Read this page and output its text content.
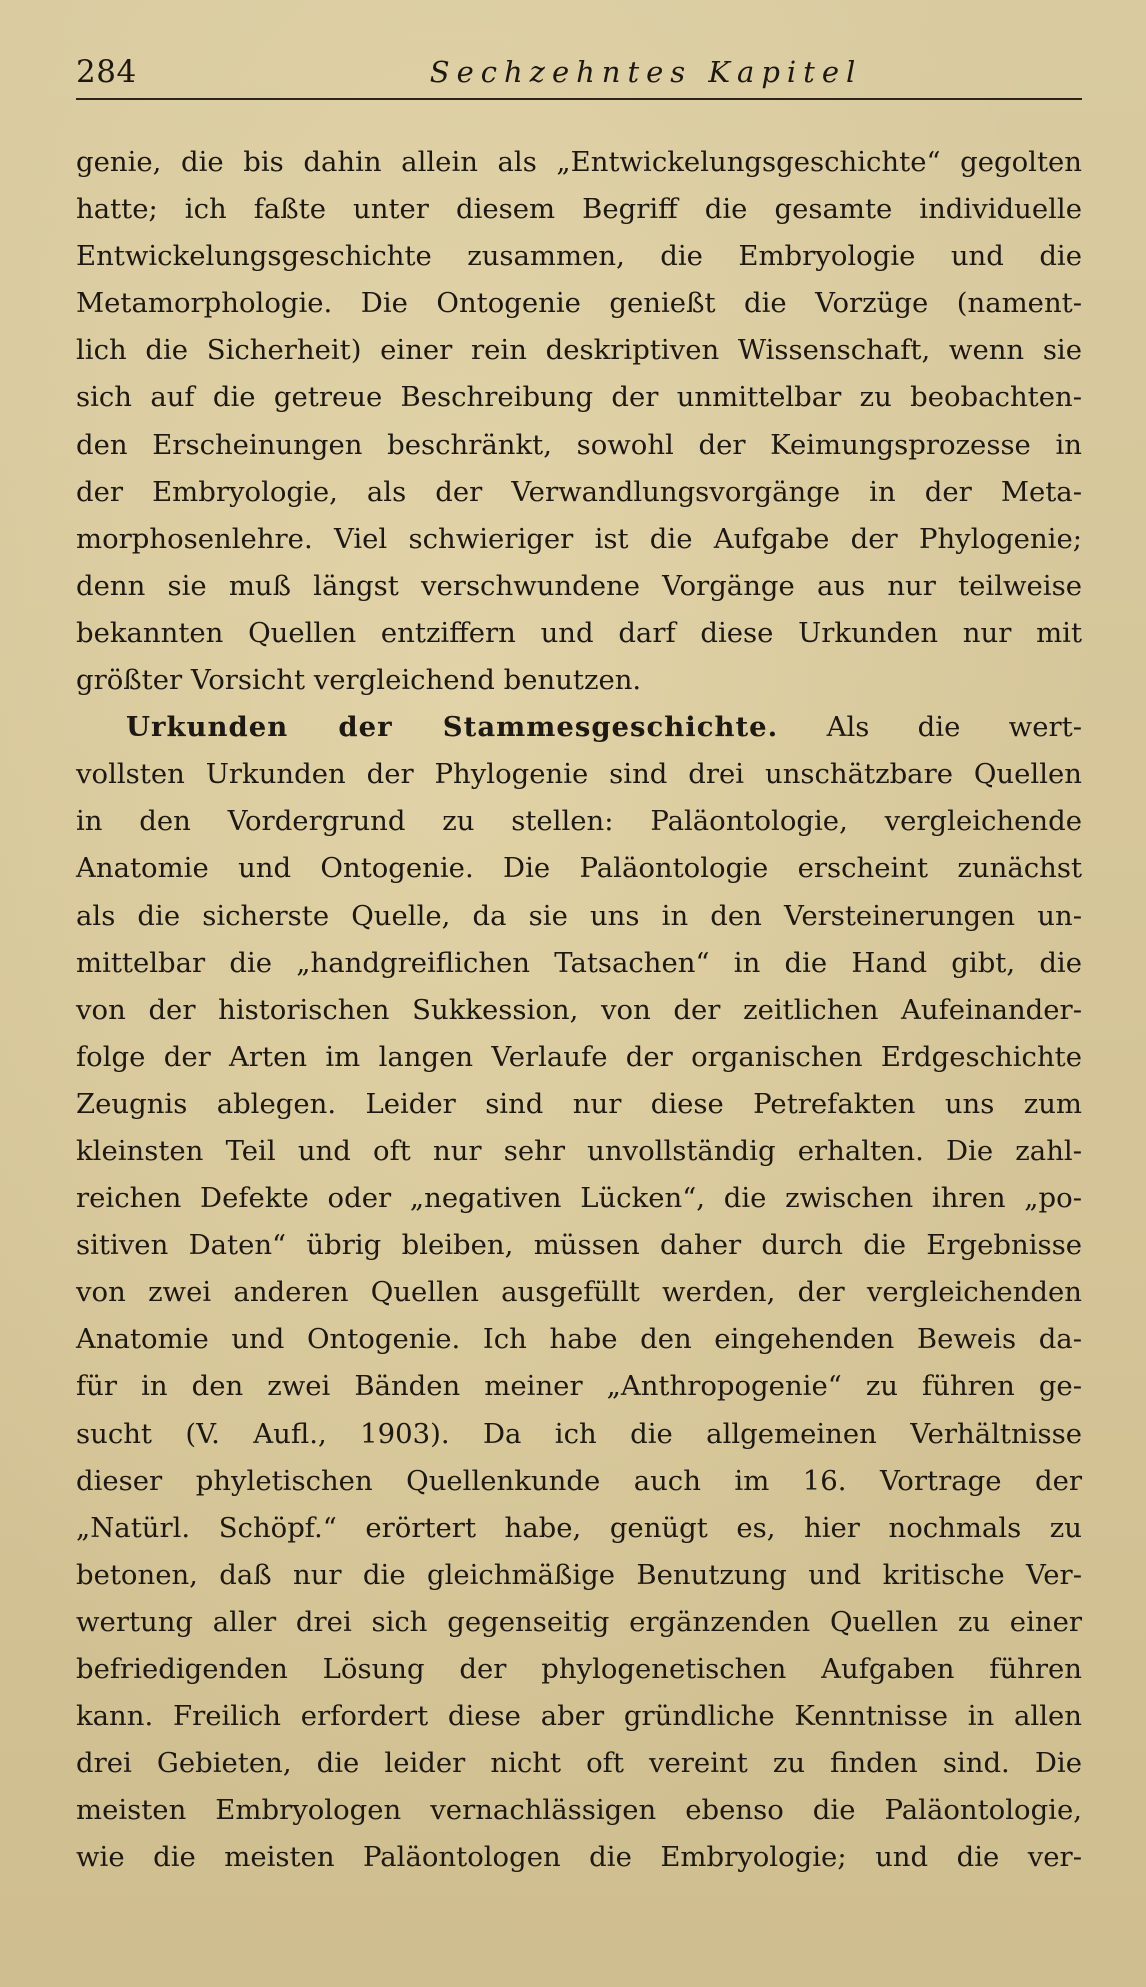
284	Sechzehntes Kapitel
genie, die bis dahin allein als „Entwickelungsgeschichte“ gegolten
hatte; ich faßte unter diesem Begriff die gesamte individuelle
Entwickelungsgeschichte zusammen, die Embryologie und die
Metamorphologie. Die Ontogenie genießt die Vorzüge (nament-
lich die Sicherheit) einer rein deskriptiven Wissenschaft, wenn sie
sich auf die getreue Beschreibung der unmittelbar zu beobachten-
den Erscheinungen beschränkt, sowohl der Keimungsprozesse in
der Embryologie, als der Verwandlungsvorgänge in der Meta-
morphosenlehre. Viel schwieriger ist die Aufgabe der Phylogenie;
denn sie muß längst verschwundene Vorgänge aus nur teilweise
bekannten Quellen entziffern und darf diese Urkunden nur mit
größter Vorsicht vergleichend benutzen.
Urkunden der Stammesgeschichte. Als die wert-
vollsten Urkunden der Phylogenie sind drei unschätzbare Quellen
in den Vordergrund zu stellen: Paläontologie, vergleichende
Anatomie und Ontogenie. Die Paläontologie erscheint zunächst
als die sicherste Quelle, da sie uns in den Versteinerungen un-
mittelbar die „handgreiflichen Tatsachen“ in die Hand gibt, die
von der historischen Sukkession, von der zeitlichen Aufeinander-
folge der Arten im langen Verlaufe der organischen Erdgeschichte
Zeugnis ablegen. Leider sind nur diese Petrefakten uns zum
kleinsten Teil und oft nur sehr unvollständig erhalten. Die zahl-
reichen Defekte oder „negativen Lücken“, die zwischen ihren „po-
sitiven Daten“ übrig bleiben, müssen daher durch die Ergebnisse
von zwei anderen Quellen ausgefüllt werden, der vergleichenden
Anatomie und Ontogenie. Ich habe den eingehenden Beweis da-
für in den zwei Bänden meiner „Anthropogenie“ zu führen ge-
sucht (V. Aufl., 1903). Da ich die allgemeinen Verhältnisse
dieser phyletischen Quellenkunde auch im 16. Vortrage der
„Natürl. Schöpf.“ erörtert habe, genügt es, hier nochmals zu
betonen, daß nur die gleichmäßige Benutzung und kritische Ver-
wertung aller drei sich gegenseitig ergänzenden Quellen zu einer
befriedigenden Lösung der phylogenetischen Aufgaben führen
kann. Freilich erfordert diese aber gründliche Kenntnisse in allen
drei Gebieten, die leider nicht oft vereint zu finden sind. Die
meisten Embryologen vernachlässigen ebenso die Paläontologie,
wie die meisten Paläontologen die Embryologie; und die ver-
